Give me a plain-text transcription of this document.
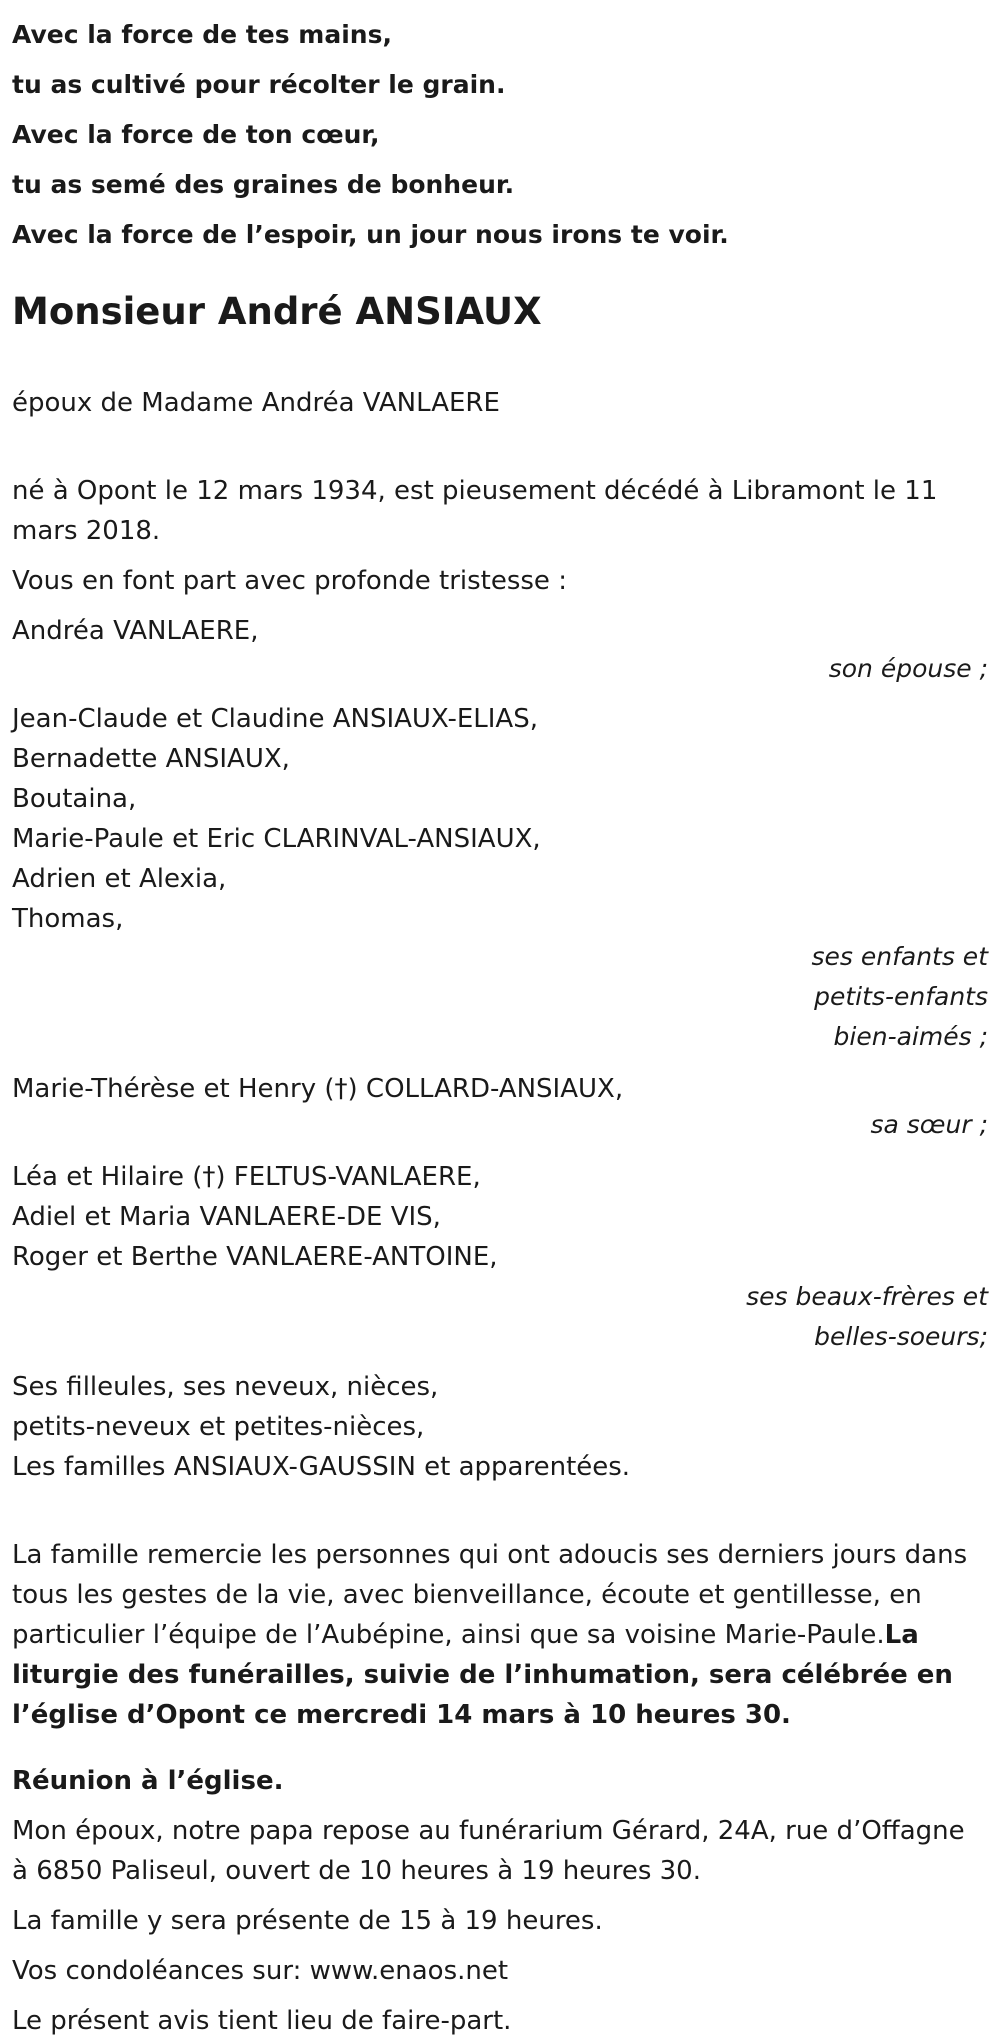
Avec la force de tes mains,

tu as cultivé pour récolter le grain.

Avec la force de ton cœur,

tu as semé des graines de bonheur.

Avec la force de l’espoir, un jour nous irons te voir.

Monsieur André ANSIAUX

époux de Madame Andréa VANLAERE

né à Opont le 12 mars 1934, est pieusement décédé à Libramont le 11 mars 2018.

Vous en font part avec profonde tristesse :

Andréa VANLAERE,

son épouse ;

Jean-Claude et Claudine ANSIAUX-ELIAS,

Bernadette ANSIAUX,

Boutaina,

Marie-Paule et Eric CLARINVAL-ANSIAUX,

Adrien et Alexia,

Thomas,

ses enfants et
petits-enfants
bien-aimés ;

Marie-Thérèse et Henry (†) COLLARD-ANSIAUX,

sa sœur ;

Léa et Hilaire (†) FELTUS-VANLAERE,

Adiel et Maria VANLAERE-DE VIS,

Roger et Berthe VANLAERE-ANTOINE,

ses beaux-frères et
belles-soeurs;

Ses filleules, ses neveux, nièces,

petits-neveux et petites-nièces,

Les familles ANSIAUX-GAUSSIN et apparentées.

La famille remercie les personnes qui ont adoucis ses derniers jours dans tous les gestes de la vie, avec bienveillance, écoute et gentillesse, en particulier l’équipe de l’Aubépine, ainsi que sa voisine Marie-Paule.La liturgie des funérailles, suivie de l’inhumation, sera célébrée en l’église d’Opont ce mercredi 14 mars à 10 heures 30.

Réunion à l’église.

Mon époux, notre papa repose au funérarium Gérard, 24A, rue d’Offagne à 6850 Paliseul, ouvert de 10 heures à 19 heures 30.

La famille y sera présente de 15 à 19 heures.

Vos condoléances sur: www.enaos.net

Le présent avis tient lieu de faire-part.
